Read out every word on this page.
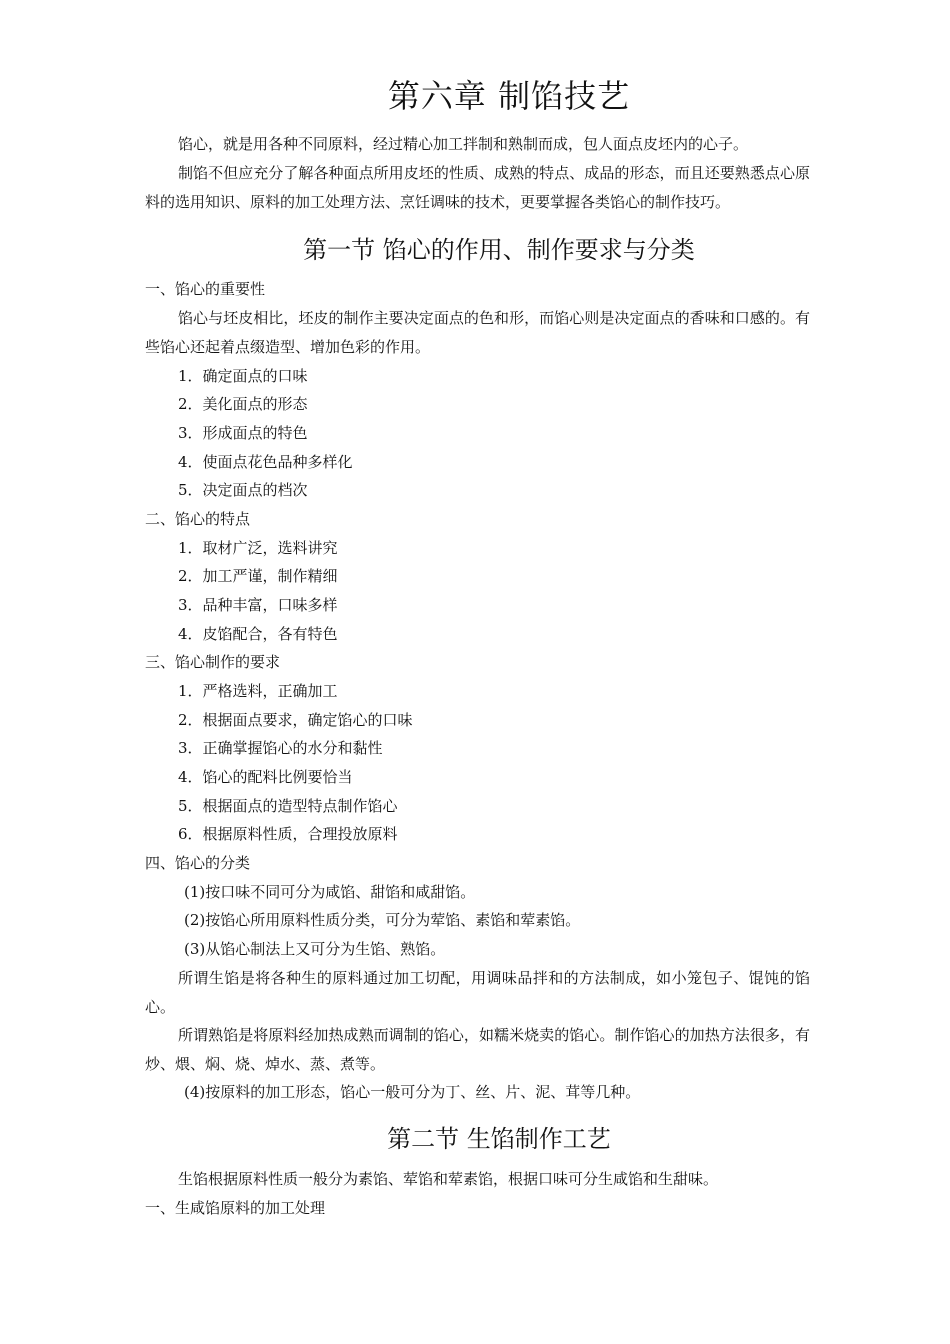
第六章 制馅技艺

馅心，就是用各种不同原料，经过精心加工拌制和熟制而成，包人面点皮坯内的心子。

制馅不但应充分了解各种面点所用皮坯的性质、成熟的特点、成品的形态，而且还要熟悉点心原料的选用知识、原料的加工处理方法、烹饪调味的技术，更要掌握各类馅心的制作技巧。

第一节 馅心的作用、制作要求与分类

一、馅心的重要性

馅心与坯皮相比，坯皮的制作主要决定面点的色和形，而馅心则是决定面点的香味和口感的。有些馅心还起着点缀造型、增加色彩的作用。

1．确定面点的口味

2．美化面点的形态

3．形成面点的特色

4．使面点花色品种多样化

5．决定面点的档次

二、馅心的特点

1．取材广泛，选料讲究

2．加工严谨，制作精细

3．品种丰富，口味多样

4．皮馅配合，各有特色

三、馅心制作的要求

1．严格选料，正确加工

2．根据面点要求，确定馅心的口味

3．正确掌握馅心的水分和黏性

4．馅心的配料比例要恰当

5．根据面点的造型特点制作馅心

6．根据原料性质，合理投放原料

四、馅心的分类

(1)按口味不同可分为咸馅、甜馅和咸甜馅。

(2)按馅心所用原料性质分类，可分为荤馅、素馅和荤素馅。

(3)从馅心制法上又可分为生馅、熟馅。

所谓生馅是将各种生的原料通过加工切配，用调味品拌和的方法制成，如小笼包子、馄饨的馅心。

所谓熟馅是将原料经加热成熟而调制的馅心，如糯米烧卖的馅心。制作馅心的加热方法很多，有炒、煨、焖、烧、焯水、蒸、煮等。

(4)按原料的加工形态，馅心一般可分为丁、丝、片、泥、茸等几种。

第二节 生馅制作工艺

生馅根据原料性质一般分为素馅、荤馅和荤素馅，根据口味可分生咸馅和生甜味。

一、生咸馅原料的加工处理
